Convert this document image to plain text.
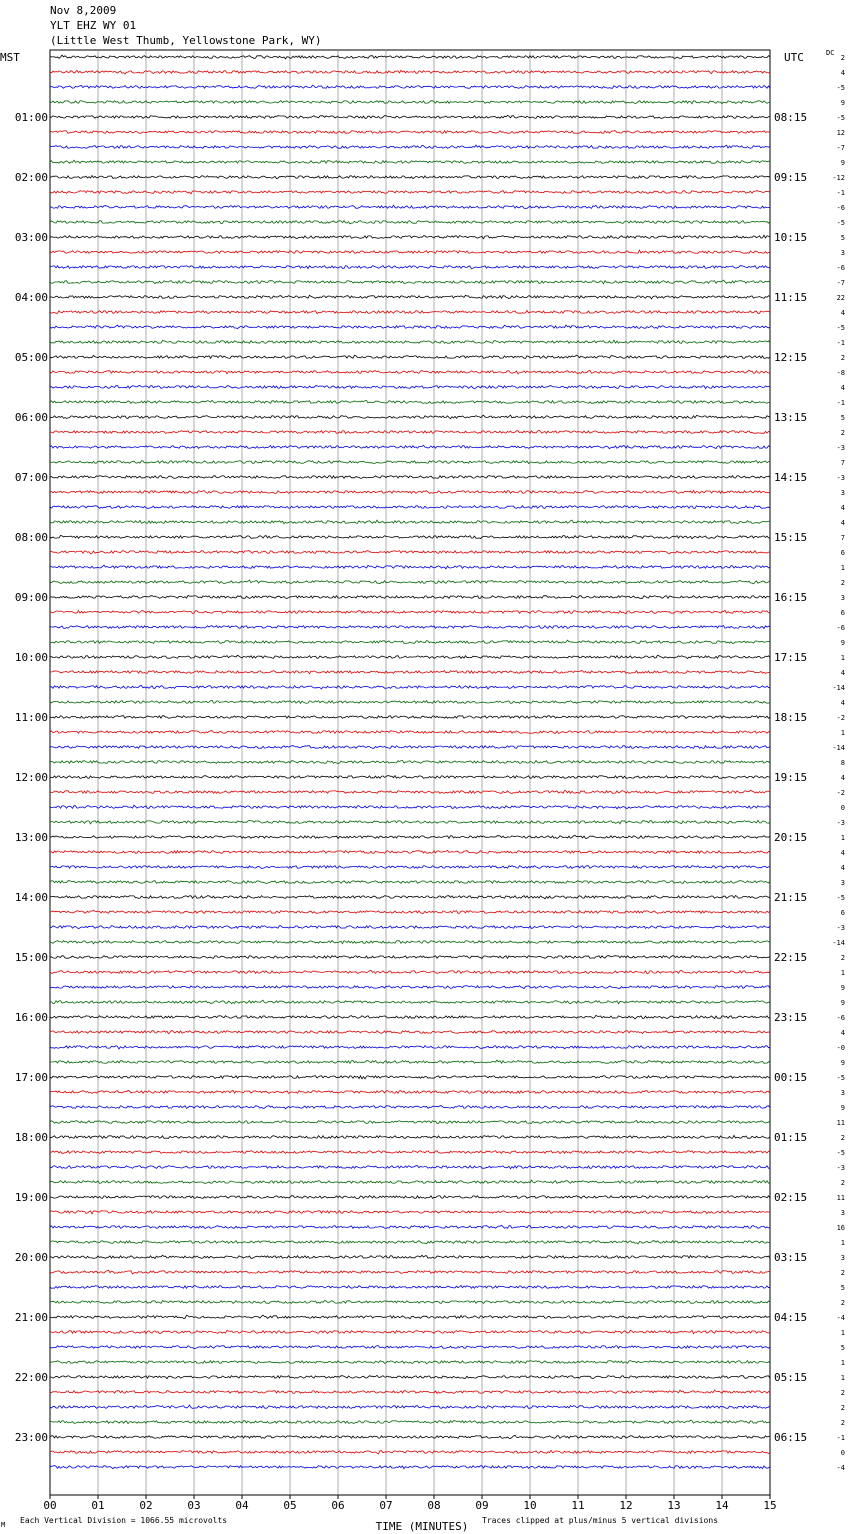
Nov 8,2009
YLT EHZ WY 01
(Little West Thumb, Yellowstone Park, WY)
2
4
-5
9
-5
12
-7
9
-12
-1
-6
-5
5
3
-6
-7
22
4
-5
-1
2
-8
4
-1
5
2
-3
7
-3
3
4
4
7
6
1
2
3
6
-6
9
1
4
-14
4
-2
1
-14
8
4
-2
0
-3
1
4
4
3
-5
6
-3
-14
2
1
9
9
-6
4
-0
9
-5
3
9
11
2
-5
-3
2
11
3
16
1
3
2
5
2
-4
1
5
1
1
2
2
2
-1
0
-4
MST	UTC	DC
01:00
02:00
03:00
04:00
05:00
06:00
07:00
08:00
09:00
10:00
11:00
12:00
13:00
14:00
15:00
16:00
17:00
18:00
19:00
20:00
21:00
22:00
23:00
08:15
09:15
10:15
11:15
12:15
13:15
14:15
15:15
16:15
17:15
18:15
19:15
20:15
21:15
22:15
23:15
00:15
01:15
02:15
03:15
04:15
05:15
06:15
00	01	02	03	04	05	06	07	08	09	10	11	12	13	14	15
TIME (MINUTES)
Each Vertical Division = 1066.55 microvolts	Traces clipped at plus/minus 5 vertical divisions
M
